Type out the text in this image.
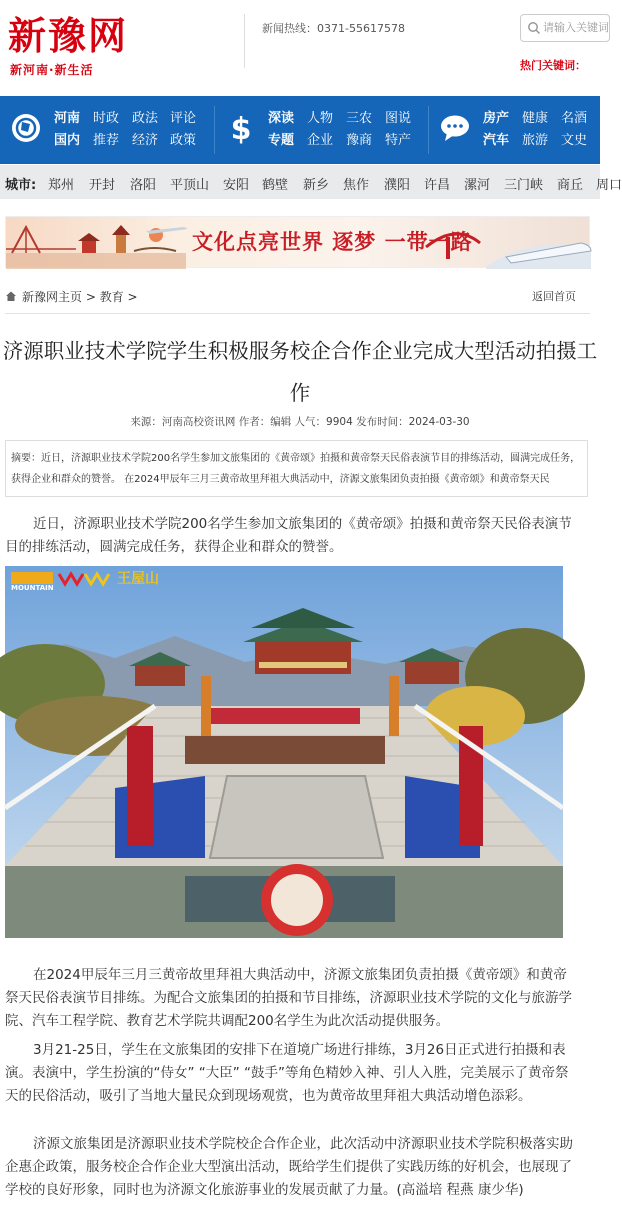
新豫网
新河南·新生活
新闻热线：0371-55617578
请输入关键词
热门关键词：
河南
国内
时政
推荐
政法
经济
评论
政策	$ 深读
专题
人物
企业
三农
豫商
图说
特产
房产
汽车
健康
旅游
名酒
文史
城市: 郑州 开封 洛阳 平顶山 安阳 鹤壁 新乡 焦作 濮阳 许昌 漯河 三门峡 商丘 周口
文化点亮世界 逐梦 一带一路
新豫网主页 > 教育 >	返回首页
济源职业技术学院学生积极服务校企合作企业完成大型活动拍摄工作
来源：河南高校资讯网 作者：编辑 人气：9904 发布时间：2024-03-30
摘要：近日，济源职业技术学院200名学生参加文旅集团的《黄帝颂》拍摄和黄帝祭天民俗表演节目的排练活动，圆满完成任务，获得企业和群众的赞誉。 在2024甲辰年三月三黄帝故里拜祖大典活动中，济源文旅集团负责拍摄《黄帝颂》和黄帝祭天民

近日，济源职业技术学院200名学生参加文旅集团的《黄帝颂》拍摄和黄帝祭天民俗表演节目的排练活动，圆满完成任务，获得企业和群众的赞誉。

MOUNTAIN
王屋山

在2024甲辰年三月三黄帝故里拜祖大典活动中，济源文旅集团负责拍摄《黄帝颂》和黄帝祭天民俗表演节目排练。为配合文旅集团的拍摄和节目排练，济源职业技术学院的文化与旅游学院、汽车工程学院、教育艺术学院共调配200名学生为此次活动提供服务。

3月21-25日，学生在文旅集团的安排下在道境广场进行排练，3月26日正式进行拍摄和表演。表演中，学生扮演的“侍女” “大臣” “鼓手”等角色精妙入神、引人入胜，完美展示了黄帝祭天的民俗活动，吸引了当地大量民众到现场观赏，也为黄帝故里拜祖大典活动增色添彩。

济源文旅集团是济源职业技术学院校企合作企业，此次活动中济源职业技术学院积极落实助企惠企政策，服务校企合作企业大型演出活动，既给学生们提供了实践历练的好机会，也展现了学校的良好形象，同时也为济源文化旅游事业的发展贡献了力量。(高溢培 程燕 康少华)
